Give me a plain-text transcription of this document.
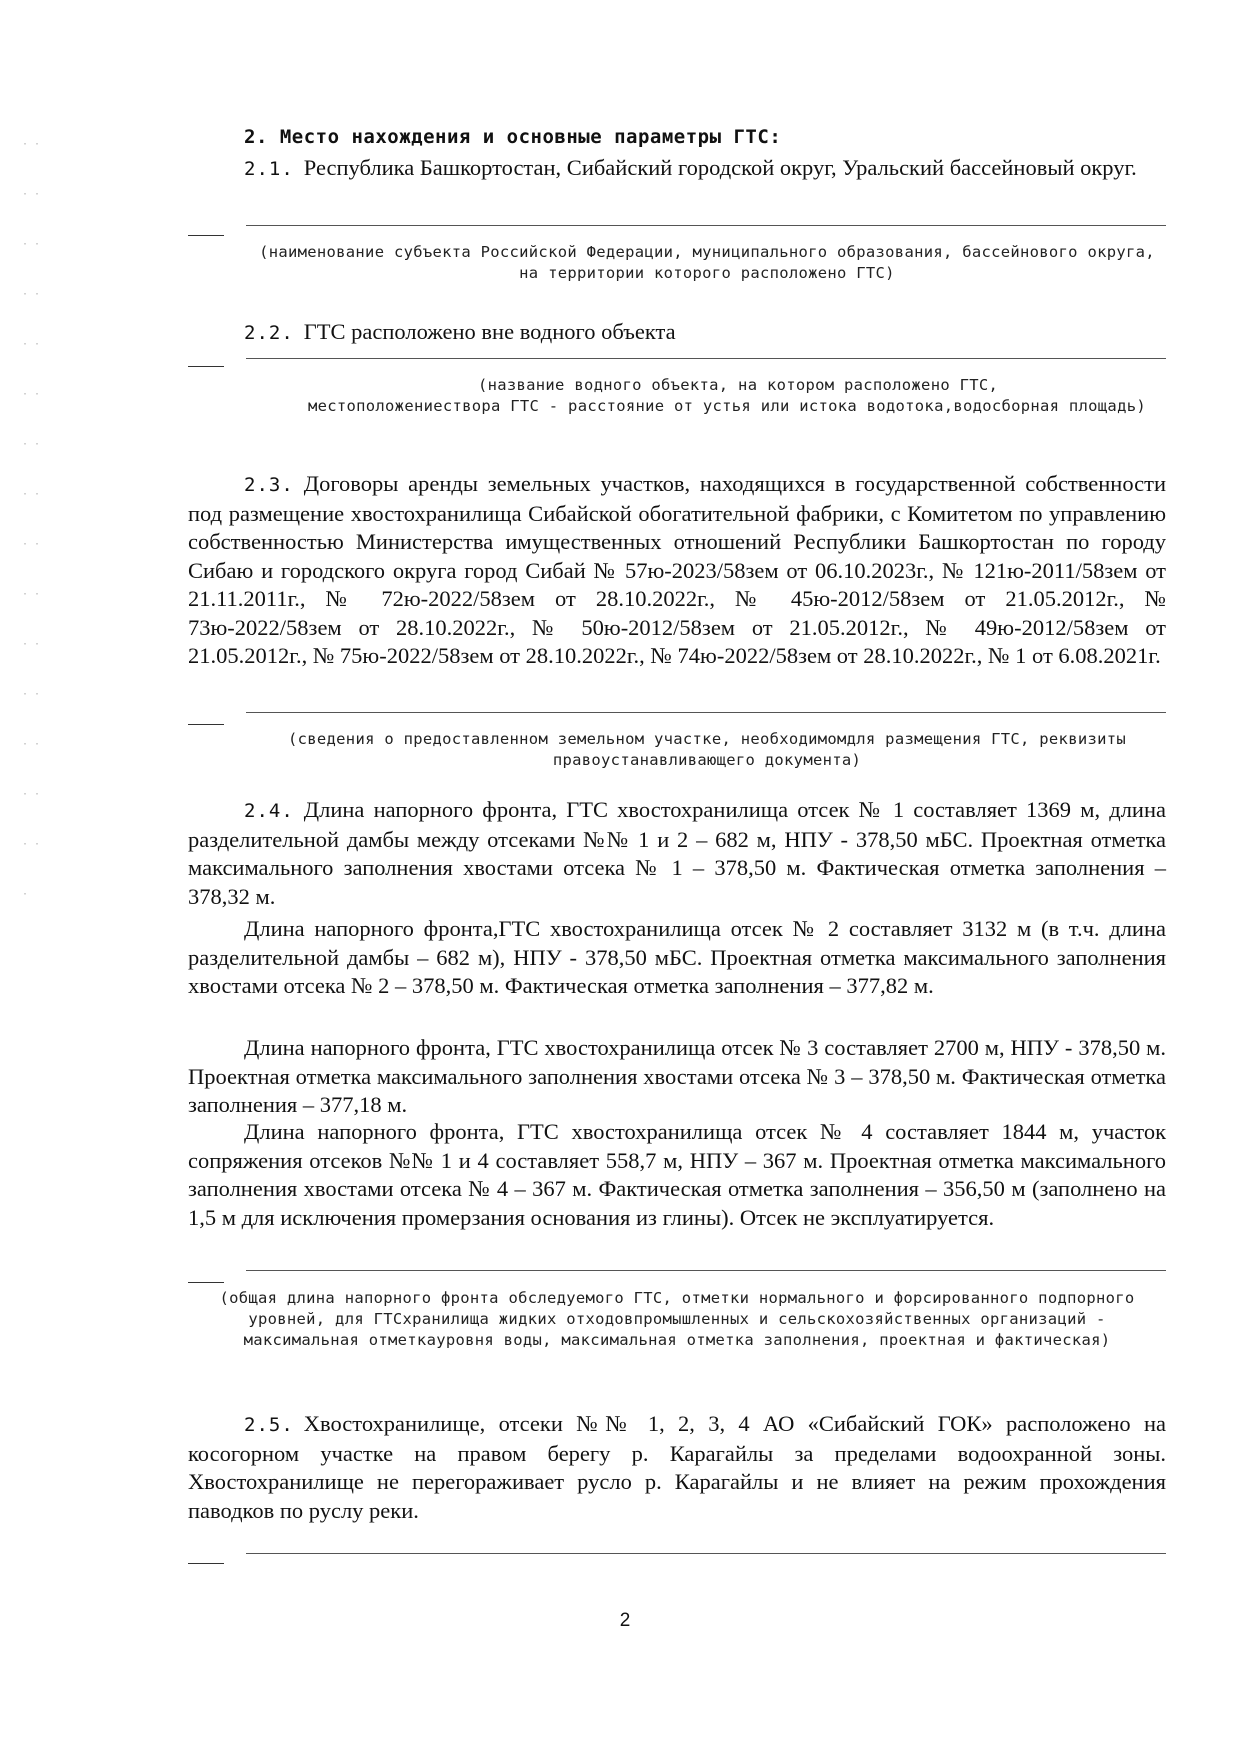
· · · · · · · · · · · · · · · · · · · · · · · · · · · · · · ·
2. Место нахождения и основные параметры ГТС:
2.1. Республика Башкортостан, Сибайский городской округ, Уральский бассейновый округ.
(наименование субъекта Российской Федерации, муниципального образования, бассейнового округа, на территории которого расположено ГТС)
2.2. ГТС расположено вне водного объекта
(название водного объекта, на котором расположено ГТС, местоположениествора ГТС - расстояние от устья или истока водотока,водосборная площадь)
2.3. Договоры аренды земельных участков, находящихся в государственной собственности под размещение хвостохранилища Сибайской обогатительной фабрики, с Комитетом по управлению собственностью Министерства имущественных отношений Республики Башкортостан по городу Сибаю и городского округа город Сибай № 57ю-2023/58зем от 06.10.2023г., № 121ю-2011/58зем от 21.11.2011г., № 72ю-2022/58зем от 28.10.2022г., № 45ю-2012/58зем от 21.05.2012г., № 73ю-2022/58зем от 28.10.2022г., № 50ю-2012/58зем от 21.05.2012г., № 49ю-2012/58зем от 21.05.2012г., № 75ю-2022/58зем от 28.10.2022г., № 74ю-2022/58зем от 28.10.2022г., № 1 от 6.08.2021г.
(сведения о предоставленном земельном участке, необходимомдля размещения ГТС, реквизиты правоустанавливающего документа)
2.4. Длина напорного фронта, ГТС хвостохранилища отсек № 1 составляет 1369 м, длина разделительной дамбы между отсеками №№ 1 и 2 – 682 м, НПУ - 378,50 мБС. Проектная отметка максимального заполнения хвостами отсека № 1 – 378,50 м. Фактическая отметка заполнения – 378,32 м.
Длина напорного фронта,ГТС хвостохранилища отсек № 2 составляет 3132 м (в т.ч. длина разделительной дамбы – 682 м), НПУ - 378,50 мБС. Проектная отметка максимального заполнения хвостами отсека № 2 – 378,50 м. Фактическая отметка заполнения – 377,82 м.
Длина напорного фронта, ГТС хвостохранилища отсек № 3 составляет 2700 м, НПУ - 378,50 м. Проектная отметка максимального заполнения хвостами отсека № 3 – 378,50 м. Фактическая отметка заполнения – 377,18 м.
Длина напорного фронта, ГТС хвостохранилища отсек № 4 составляет 1844 м, участок сопряжения отсеков №№ 1 и 4 составляет 558,7 м, НПУ – 367 м. Проектная отметка максимального заполнения хвостами отсека № 4 – 367 м. Фактическая отметка заполнения – 356,50 м (заполнено на 1,5 м для исключения промерзания основания из глины). Отсек не эксплуатируется.
(общая длина напорного фронта обследуемого ГТС, отметки нормального и форсированного подпорного уровней, для ГТСхранилища жидких отходовпромышленных и сельскохозяйственных организаций - максимальная отметкауровня воды, максимальная отметка заполнения, проектная и фактическая)
2.5. Хвостохранилище, отсеки №№ 1, 2, 3, 4 АО «Сибайский ГОК» расположено на косогорном участке на правом берегу р. Карагайлы за пределами водоохранной зоны. Хвостохранилище не перегораживает русло р. Карагайлы и не влияет на режим прохождения паводков по руслу реки.
2
